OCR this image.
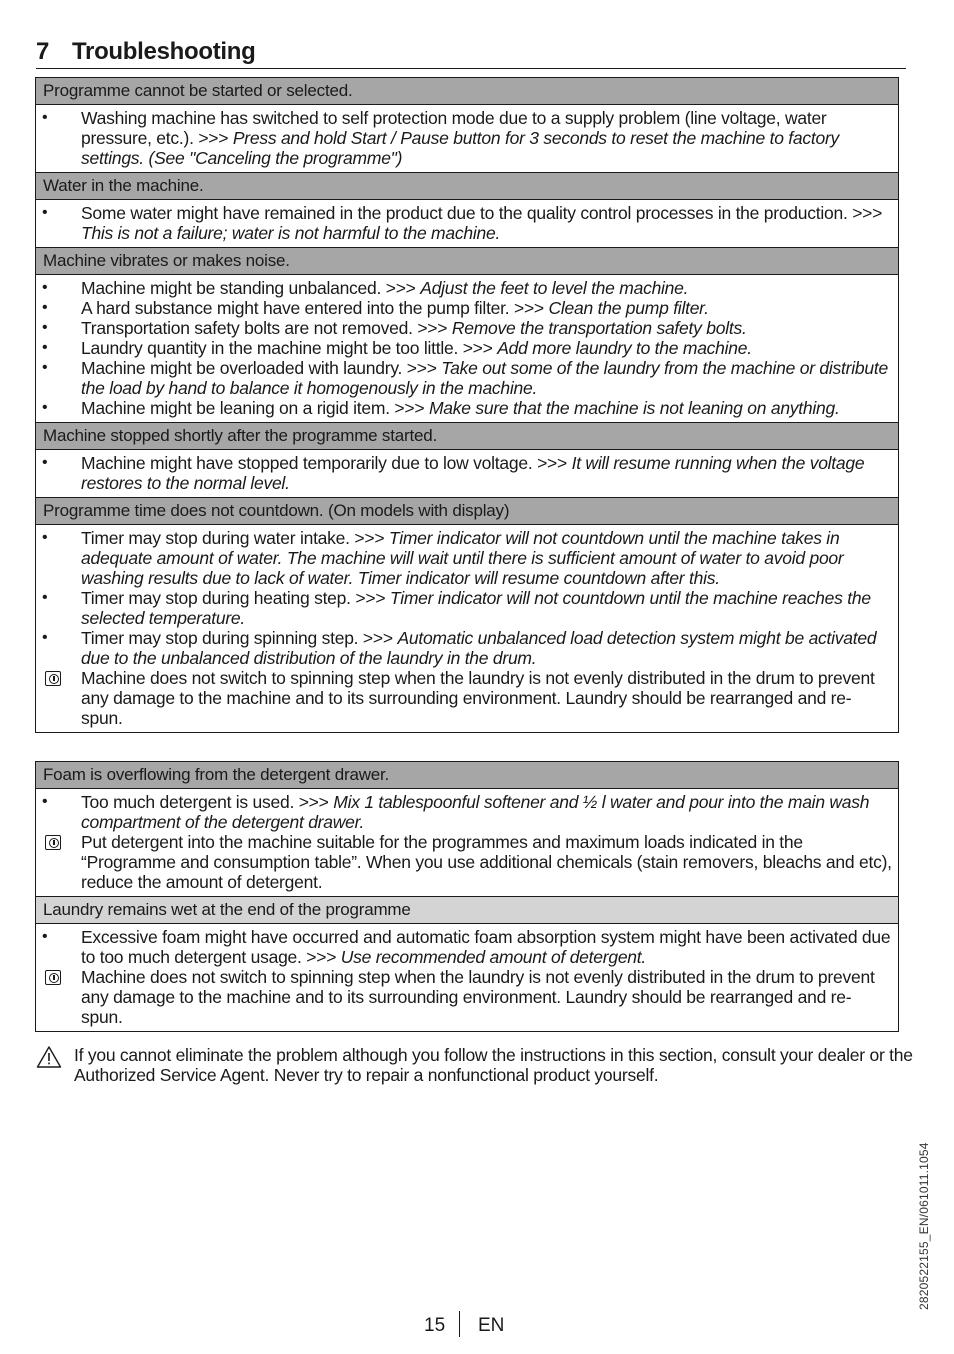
7 Troubleshooting
Programme cannot be started or selected.
• Washing machine has switched to self protection mode due to a supply problem (line voltage, water pressure, etc.). >>> Press and hold Start / Pause button for 3 seconds to reset the machine to factory settings. (See "Canceling the programme")
Water in the machine.
• Some water might have remained in the product due to the quality control processes in the production. >>> This is not a failure; water is not harmful to the machine.
Machine vibrates or makes noise.
• Machine might be standing unbalanced. >>> Adjust the feet to level the machine.
• A hard substance might have entered into the pump filter. >>> Clean the pump filter.
• Transportation safety bolts are not removed. >>> Remove the transportation safety bolts.
• Laundry quantity in the machine might be too little. >>> Add more laundry to the machine.
• Machine might be overloaded with laundry. >>> Take out some of the laundry from the machine or distribute the load by hand to balance it homogenously in the machine.
• Machine might be leaning on a rigid item. >>> Make sure that the machine is not leaning on anything.
Machine stopped shortly after the programme started.
• Machine might have stopped temporarily due to low voltage. >>> It will resume running when the voltage restores to the normal level.
Programme time does not countdown. (On models with display)
• Timer may stop during water intake. >>> Timer indicator will not countdown until the machine takes in adequate amount of water. The machine will wait until there is sufficient amount of water to avoid poor washing results due to lack of water. Timer indicator will resume countdown after this.
• Timer may stop during heating step. >>> Timer indicator will not countdown until the machine reaches the selected temperature.
• Timer may stop during spinning step. >>> Automatic unbalanced load detection system might be activated due to the unbalanced distribution of the laundry in the drum.
Machine does not switch to spinning step when the laundry is not evenly distributed in the drum to prevent any damage to the machine and to its surrounding environment. Laundry should be rearranged and re-spun.
Foam is overflowing from the detergent drawer.
• Too much detergent is used. >>> Mix 1 tablespoonful softener and ½ l water and pour into the main wash compartment of the detergent drawer.
Put detergent into the machine suitable for the programmes and maximum loads indicated in the “Programme and consumption table”. When you use additional chemicals (stain removers, bleachs and etc), reduce the amount of detergent.
Laundry remains wet at the end of the programme
• Excessive foam might have occurred and automatic foam absorption system might have been activated due to too much detergent usage. >>> Use recommended amount of detergent.
Machine does not switch to spinning step when the laundry is not evenly distributed in the drum to prevent any damage to the machine and to its surrounding environment. Laundry should be rearranged and re-spun.
If you cannot eliminate the problem although you follow the instructions in this section, consult your dealer or the Authorized Service Agent. Never try to repair a nonfunctional product yourself.
15 EN
2820522155_EN/061011.1054
